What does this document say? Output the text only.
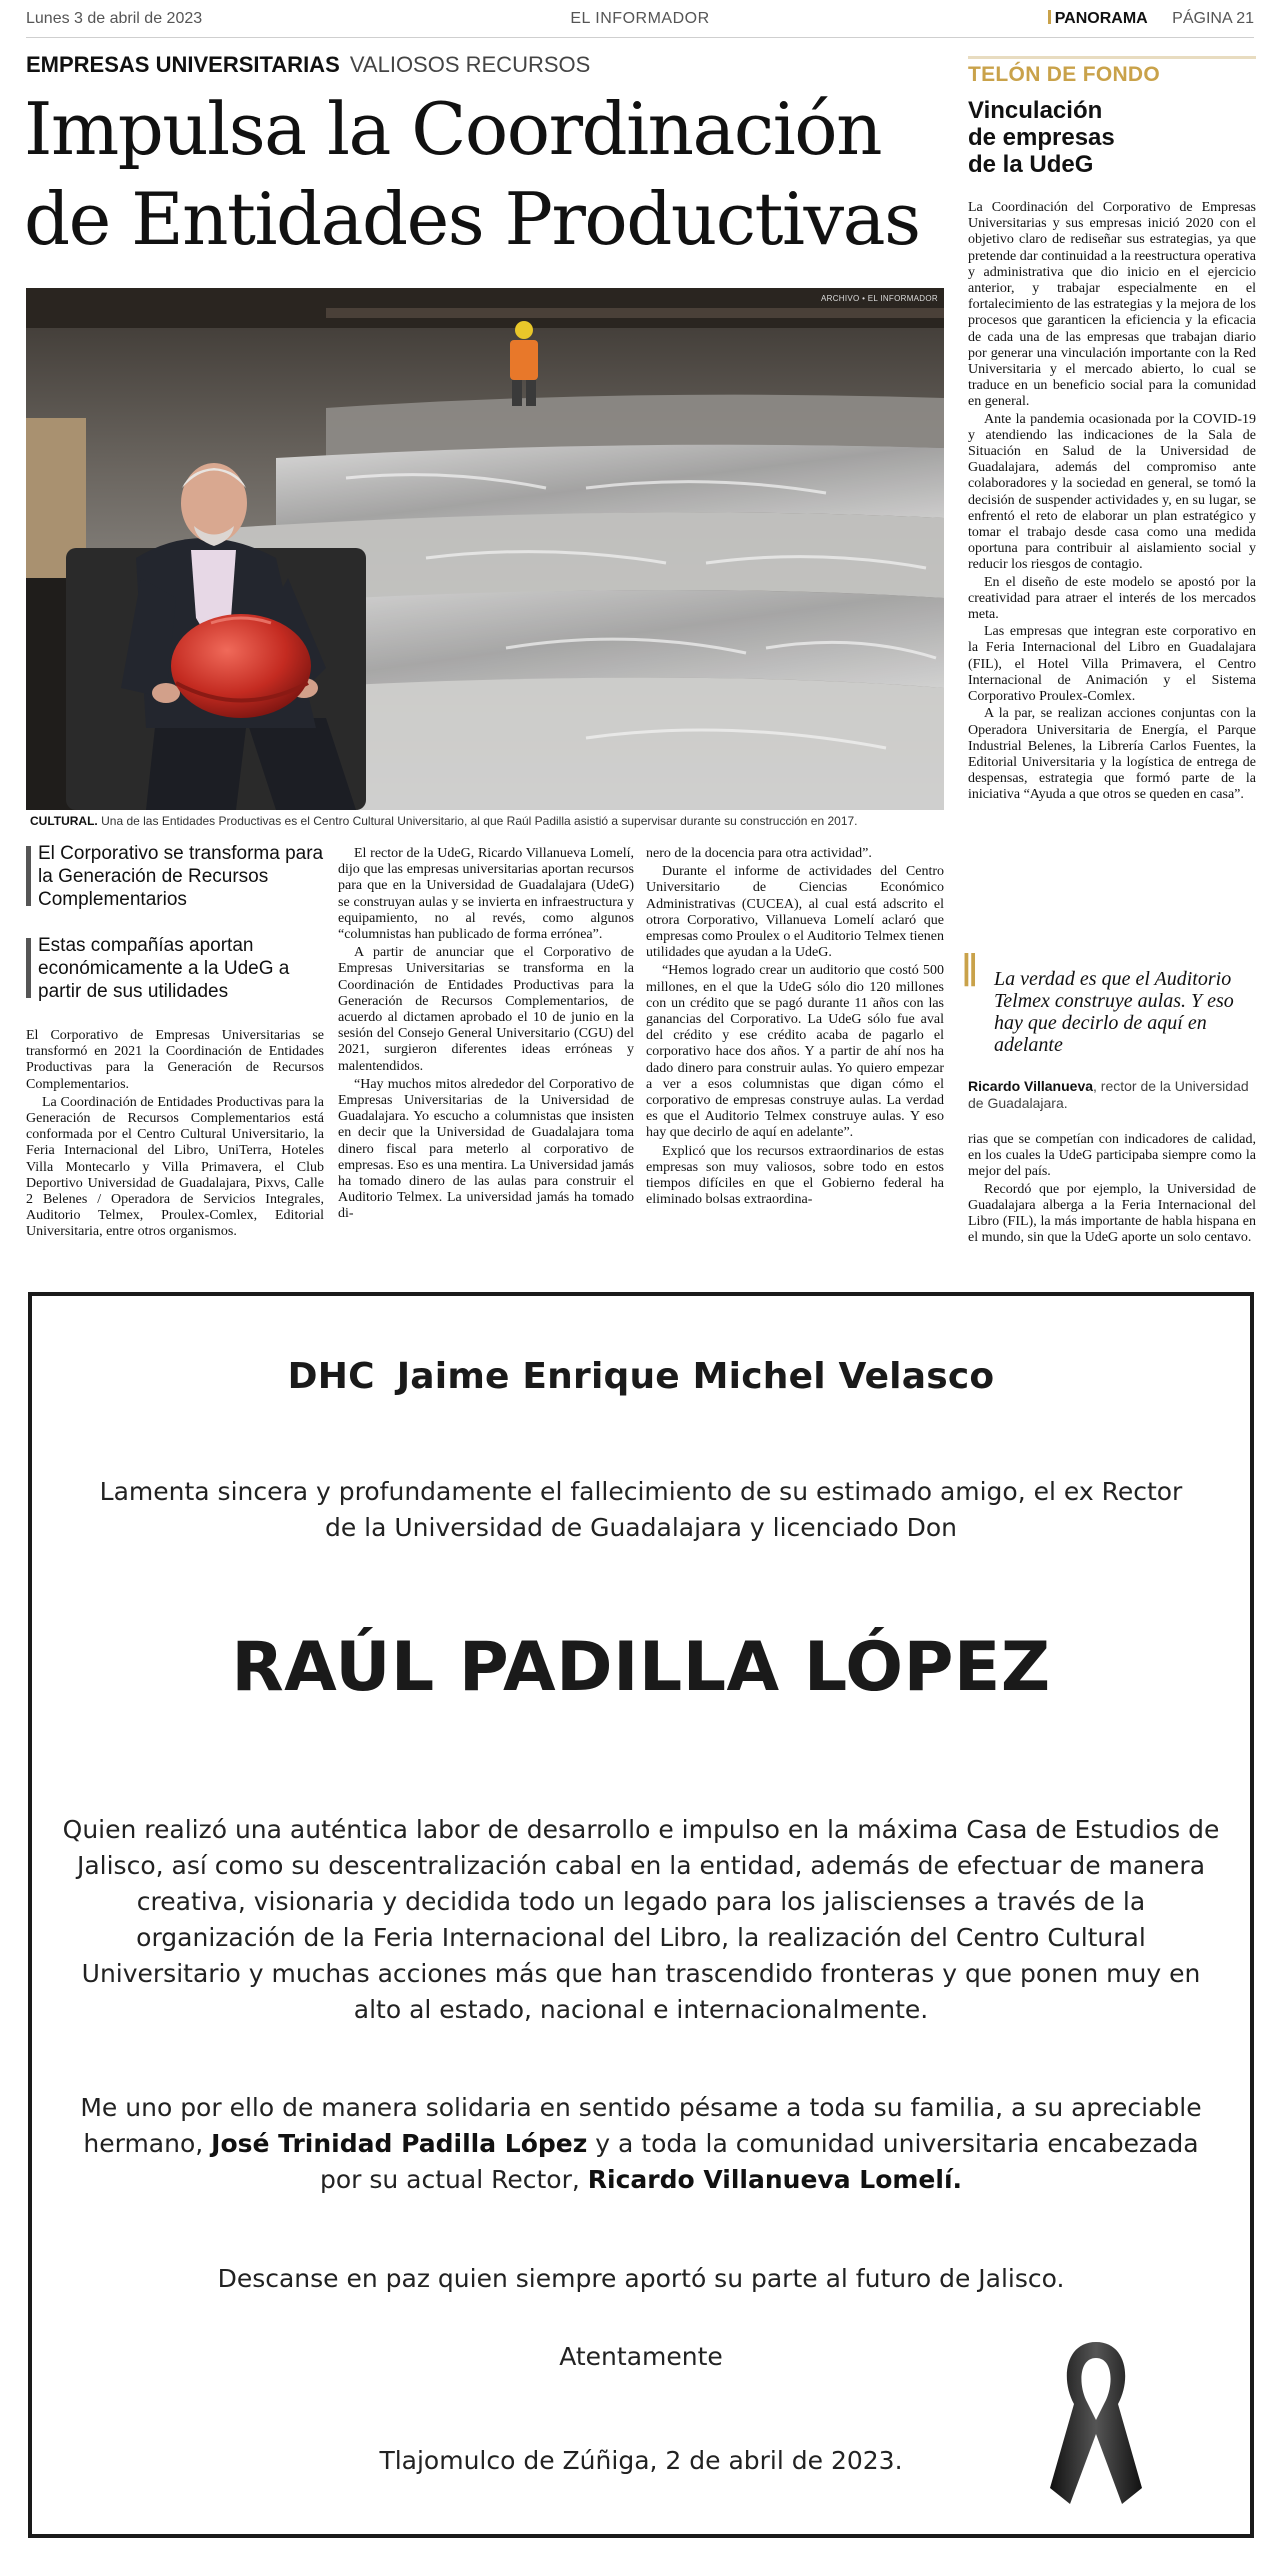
Lunes 3 de abril de 2023	EL INFORMADOR	PANORAMA PÁGINA 21
EMPRESAS UNIVERSITARIAS VALIOSOS RECURSOS
Impulsa la Coordinación
de Entidades Productivas
ARCHIVO • EL INFORMADOR
CULTURAL. Una de las Entidades Productivas es el Centro Cultural Universitario, al que Raúl Padilla asistió a supervisar durante su construcción en 2017.
El Corporativo se transforma para la Generación de Recursos Complementarios
Estas compañías aportan económicamente a la UdeG a partir de sus utilidades

El Corporativo de Empresas Universitarias se transformó en 2021 la Coordinación de Entidades Productivas para la Generación de Recursos Complementarios.

La Coordinación de Entidades Productivas para la Generación de Recursos Complementarios está conformada por el Centro Cultural Universitario, la Feria Internacional del Libro, UniTerra, Hoteles Villa Montecarlo y Villa Primavera, el Club Deportivo Universidad de Guadalajara, Pixvs, Calle 2 Belenes / Operadora de Servicios Integrales, Auditorio Telmex, Proulex-Comlex, Editorial Universitaria, entre otros organismos.

El rector de la UdeG, Ricardo Villanueva Lomelí, dijo que las empresas universitarias aportan recursos para que en la Universidad de Guadalajara (UdeG) se construyan aulas y se invierta en infraestructura y equipamiento, no al revés, como algunos “columnistas han publicado de forma errónea”.

A partir de anunciar que el Corporativo de Empresas Universitarias se transforma en la Coordinación de Entidades Productivas para la Generación de Recursos Complementarios, de acuerdo al dictamen aprobado el 10 de junio en la sesión del Consejo General Universitario (CGU) del 2021, surgieron diferentes ideas erróneas y malentendidos.

“Hay muchos mitos alrededor del Corporativo de Empresas Universitarias de la Universidad de Guadalajara. Yo escucho a columnistas que insisten en decir que la Universidad de Guadalajara toma dinero fiscal para meterlo al corporativo de empresas. Eso es una mentira. La Universidad jamás ha tomado dinero de las aulas para construir el Auditorio Telmex. La universidad jamás ha tomado di-

nero de la docencia para otra actividad”.

Durante el informe de actividades del Centro Universitario de Ciencias Económico Administrativas (CUCEA), al cual está adscrito el otrora Corporativo, Villanueva Lomelí aclaró que empresas como Proulex o el Auditorio Telmex tienen utilidades que ayudan a la UdeG.

“Hemos logrado crear un auditorio que costó 500 millones, en el que la UdeG sólo dio 120 millones con un crédito que se pagó durante 11 años con las ganancias del Corporativo. La UdeG sólo fue aval del crédito y ese crédito acaba de pagarlo el corporativo hace dos años. Y a partir de ahí nos ha dado dinero para construir aulas. Yo quiero empezar a ver a esos columnistas que digan cómo el corporativo de empresas construye aulas. La verdad es que el Auditorio Telmex construye aulas. Y eso hay que decirlo de aquí en adelante”.

Explicó que los recursos extraordinarios de estas empresas son muy valiosos, sobre todo en estos tiempos difíciles en que el Gobierno federal ha eliminado bolsas extraordina-

TELÓN DE FONDO
Vinculación
de empresas
de la UdeG

La Coordinación del Corporativo de Empresas Universitarias y sus empresas inició 2020 con el objetivo claro de rediseñar sus estrategias, ya que pretende dar continuidad a la reestructura operativa y administrativa que dio inicio en el ejercicio anterior, y trabajar especialmente en el fortalecimiento de las estrategias y la mejora de los procesos que garanticen la eficiencia y la eficacia de cada una de las empresas que trabajan diario por generar una vinculación importante con la Red Universitaria y el mercado abierto, lo cual se traduce en un beneficio social para la comunidad en general.

Ante la pandemia ocasionada por la COVID-19 y atendiendo las indicaciones de la Sala de Situación en Salud de la Universidad de Guadalajara, además del compromiso ante colaboradores y la sociedad en general, se tomó la decisión de suspender actividades y, en su lugar, se enfrentó el reto de elaborar un plan estratégico y tomar el trabajo desde casa como una medida oportuna para contribuir al aislamiento social y reducir los riesgos de contagio.

En el diseño de este modelo se apostó por la creatividad para atraer el interés de los mercados meta.

Las empresas que integran este corporativo en la Feria Internacional del Libro en Guadalajara (FIL), el Hotel Villa Primavera, el Centro Internacional de Animación y el Sistema Corporativo Proulex-Comlex.

A la par, se realizan acciones conjuntas con la Operadora Universitaria de Energía, el Parque Industrial Belenes, la Librería Carlos Fuentes, la Editorial Universitaria y la logística de entrega de despensas, estrategia que formó parte de la iniciativa “Ayuda a que otros se queden en casa”.

‖ La verdad es que el Auditorio Telmex construye aulas. Y eso hay que decirlo de aquí en adelante
Ricardo Villanueva, rector de la Universidad de Guadalajara.

rias que se competían con indicadores de calidad, en los cuales la UdeG participaba siempre como la mejor del país.

Recordó que por ejemplo, la Universidad de Guadalajara alberga a la Feria Internacional del Libro (FIL), la más importante de habla hispana en el mundo, sin que la UdeG aporte un solo centavo.

DHC Jaime Enrique Michel Velasco
Lamenta sincera y profundamente el fallecimiento de su estimado amigo, el ex Rector de la Universidad de Guadalajara y licenciado Don
RAÚL PADILLA LÓPEZ
Quien realizó una auténtica labor de desarrollo e impulso en la máxima Casa de Estudios de Jalisco, así como su descentralización cabal en la entidad, además de efectuar de manera creativa, visionaria y decidida todo un legado para los jaliscienses a través de la organización de la Feria Internacional del Libro, la realización del Centro Cultural Universitario y muchas acciones más que han trascendido fronteras y que ponen muy en alto al estado, nacional e internacionalmente.
Me uno por ello de manera solidaria en sentido pésame a toda su familia, a su apreciable hermano, José Trinidad Padilla López y a toda la comunidad universitaria encabezada por su actual Rector, Ricardo Villanueva Lomelí.
Descanse en paz quien siempre aportó su parte al futuro de Jalisco.
Atentamente
Tlajomulco de Zúñiga, 2 de abril de 2023.
